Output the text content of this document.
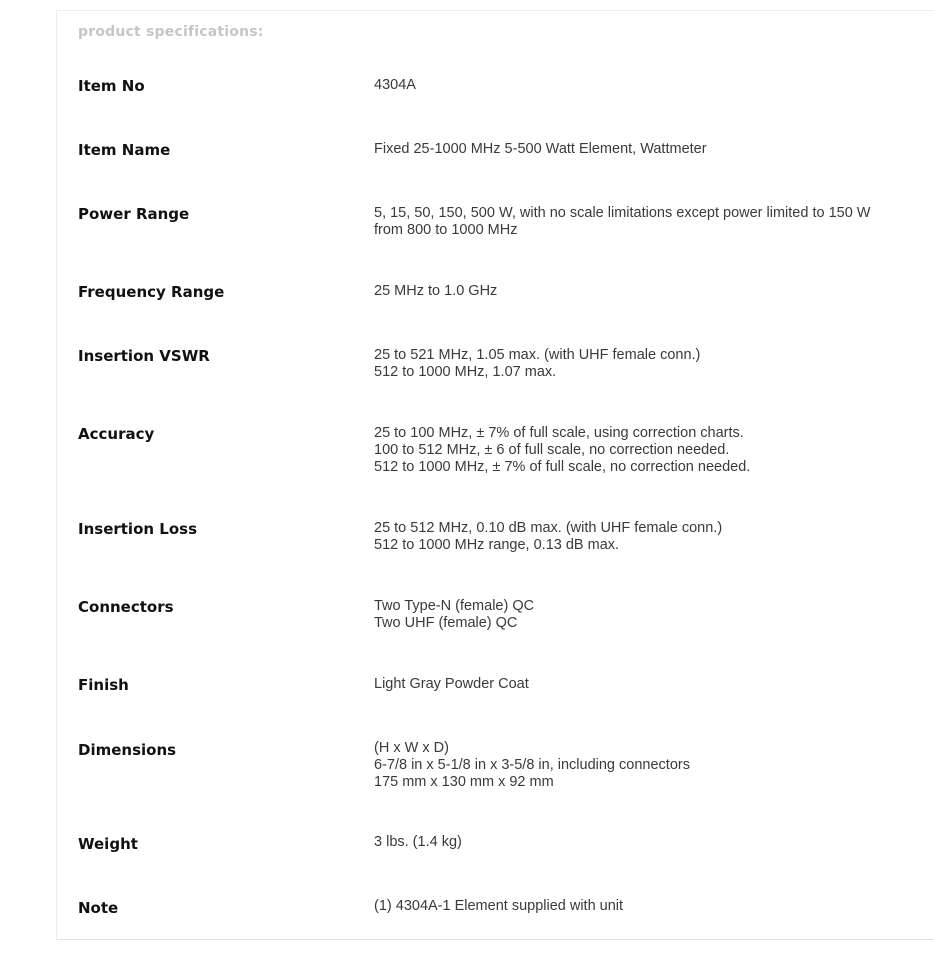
product specifications:
Item No	4304A
Item Name	Fixed 25-1000 MHz 5-500 Watt Element, Wattmeter
Power Range	5, 15, 50, 150, 500 W, with no scale limitations except power limited to 150 W
from 800 to 1000 MHz
Frequency Range	25 MHz to 1.0 GHz
Insertion VSWR	25 to 521 MHz, 1.05 max. (with UHF female conn.)
512 to 1000 MHz, 1.07 max.
Accuracy	25 to 100 MHz, ± 7% of full scale, using correction charts.
100 to 512 MHz, ± 6 of full scale, no correction needed.
512 to 1000 MHz, ± 7% of full scale, no correction needed.
Insertion Loss	25 to 512 MHz, 0.10 dB max. (with UHF female conn.)
512 to 1000 MHz range, 0.13 dB max.
Connectors	Two Type-N (female) QC
Two UHF (female) QC
Finish	Light Gray Powder Coat
Dimensions	(H x W x D)
6-7/8 in x 5-1/8 in x 3-5/8 in, including connectors
175 mm x 130 mm x 92 mm
Weight	3 lbs. (1.4 kg)
Note	(1) 4304A-1 Element supplied with unit
